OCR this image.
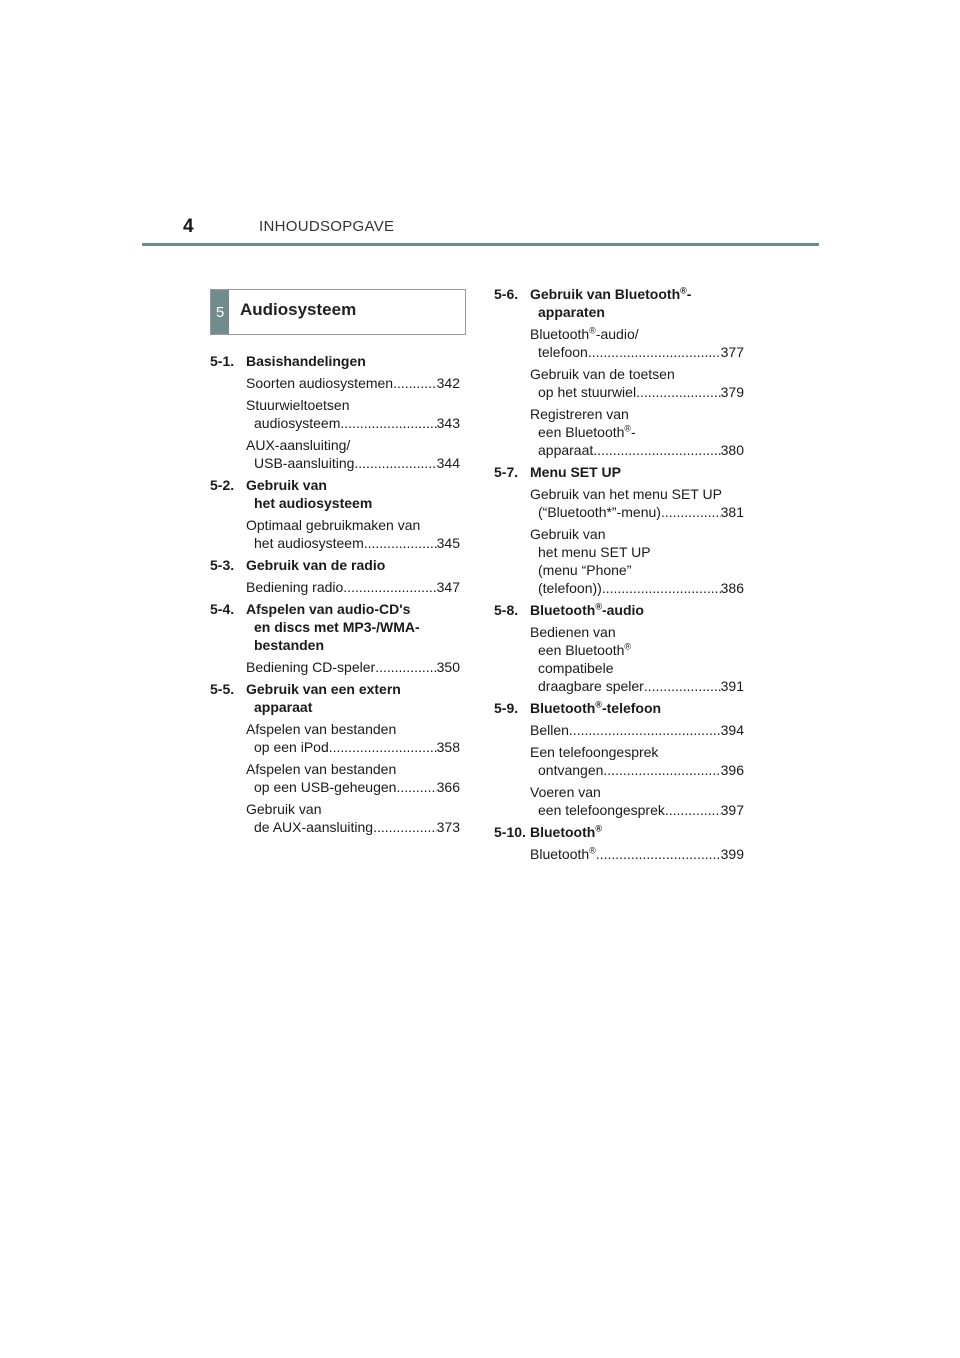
4	INHOUDSOPGAVE
5 Audiosysteem
5-1. Basishandelingen
Soorten audiosystemen .....	342
Stuurwieltoetsen
audiosysteem .....	343
AUX-aansluiting/
USB-aansluiting .....	344
5-2. Gebruik van
het audiosysteem
Optimaal gebruikmaken van
het audiosysteem .....	345
5-3. Gebruik van de radio
Bediening radio .....	347
5-4. Afspelen van audio-CD's
en discs met MP3-/WMA-
bestanden
Bediening CD-speler .....	350
5-5. Gebruik van een extern
apparaat
Afspelen van bestanden
op een iPod .....	358
Afspelen van bestanden
op een USB-geheugen .....	366
Gebruik van
de AUX-aansluiting .....	373
5-6. Gebruik van Bluetooth®-
apparaten
Bluetooth®-audio/
telefoon .....	377
Gebruik van de toetsen
op het stuurwiel .....	379
Registreren van
een Bluetooth®-
apparaat .....	380
5-7. Menu SET UP
Gebruik van het menu SET UP
(“Bluetooth*”-menu) .....	381
Gebruik van
het menu SET UP
(menu “Phone”
(telefoon)) .....	386
5-8. Bluetooth®-audio
Bedienen van
een Bluetooth®
compatibele
draagbare speler .....	391
5-9. Bluetooth®-telefoon
Bellen .....	394
Een telefoongesprek
ontvangen .....	396
Voeren van
een telefoongesprek .....	397
5-10. Bluetooth®
Bluetooth® .....	399
